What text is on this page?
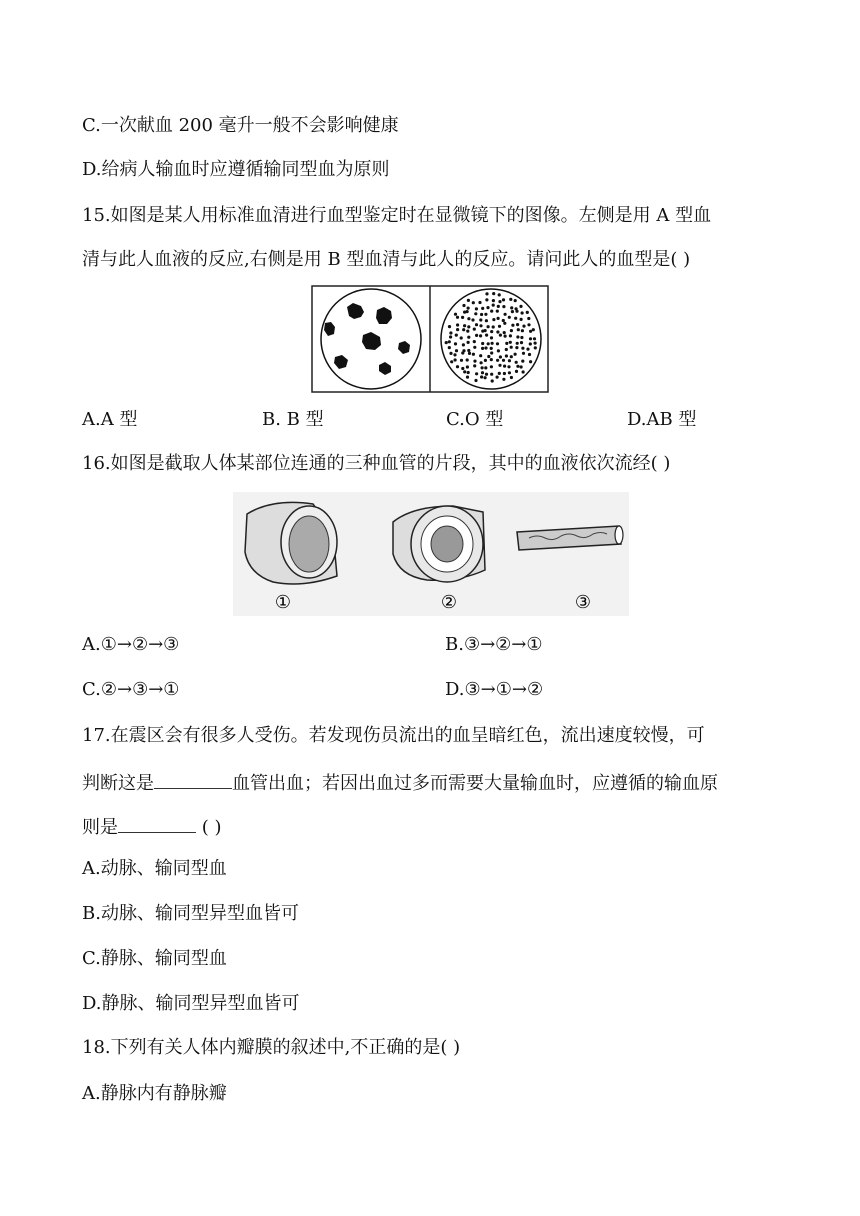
C.一次献血 200 毫升一般不会影响健康
D.给病人输血时应遵循输同型血为原则
15.如图是某人用标准血清进行血型鉴定时在显微镜下的图像。左侧是用 A 型血
清与此人血液的反应,右侧是用 B 型血清与此人的反应。请问此人的血型是( )
A.A 型	B. B 型	C.O 型	D.AB 型
16.如图是截取人体某部位连通的三种血管的片段，其中的血液依次流经( )
①	②	③
A.①→②→③	B.③→②→①
C.②→③→①	D.③→①→②
17.在震区会有很多人受伤。若发现伤员流出的血呈暗红色，流出速度较慢，可
判断这是	血管出血；若因出血过多而需要大量输血时，应遵循的输血原
则是	( )
A.动脉、输同型血
B.动脉、输同型异型血皆可
C.静脉、输同型血
D.静脉、输同型异型血皆可
18.下列有关人体内瓣膜的叙述中,不正确的是( )
A.静脉内有静脉瓣
